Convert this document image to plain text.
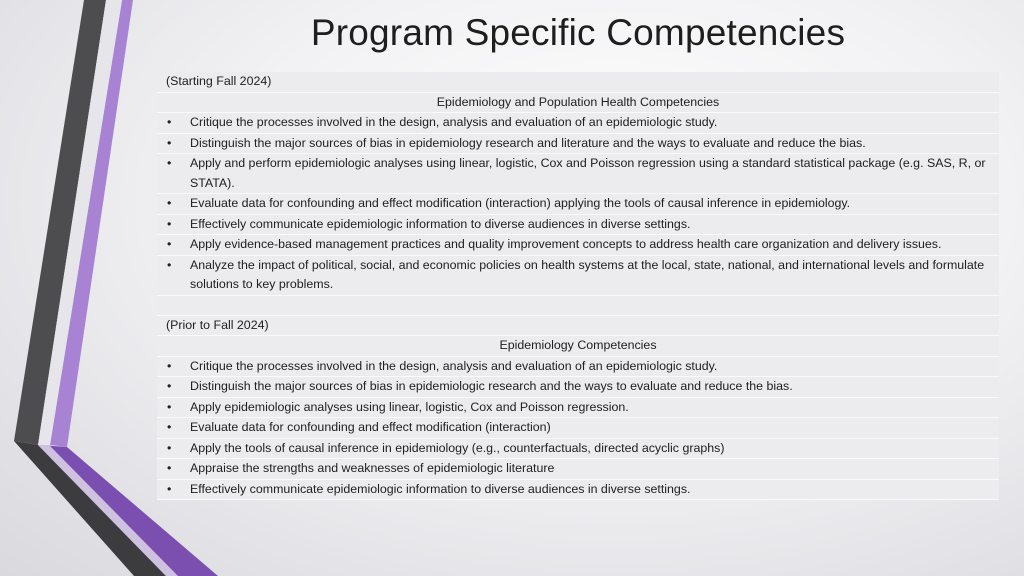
Program Specific Competencies
(Starting Fall 2024)
Epidemiology and Population Health Competencies
•	Critique the processes involved in the design, analysis and evaluation of an epidemiologic study.
•	Distinguish the major sources of bias in epidemiology research and literature and the ways to evaluate and reduce the bias.
•	Apply and perform epidemiologic analyses using linear, logistic, Cox and Poisson regression using a standard statistical package (e.g. SAS, R, or STATA).
•	Evaluate data for confounding and effect modification (interaction) applying the tools of causal inference in epidemiology.
•	Effectively communicate epidemiologic information to diverse audiences in diverse settings.
•	Apply evidence-based management practices and quality improvement concepts to address health care organization and delivery issues.
•	Analyze the impact of political, social, and economic policies on health systems at the local, state, national, and international levels and formulate solutions to key problems.
(Prior to Fall 2024)
Epidemiology Competencies
•	Critique the processes involved in the design, analysis and evaluation of an epidemiologic study.
•	Distinguish the major sources of bias in epidemiologic research and the ways to evaluate and reduce the bias.
•	Apply epidemiologic analyses using linear, logistic, Cox and Poisson regression.
•	Evaluate data for confounding and effect modification (interaction)
•	Apply the tools of causal inference in epidemiology (e.g., counterfactuals, directed acyclic graphs)
•	Appraise the strengths and weaknesses of epidemiologic literature
•	Effectively communicate epidemiologic information to diverse audiences in diverse settings.
